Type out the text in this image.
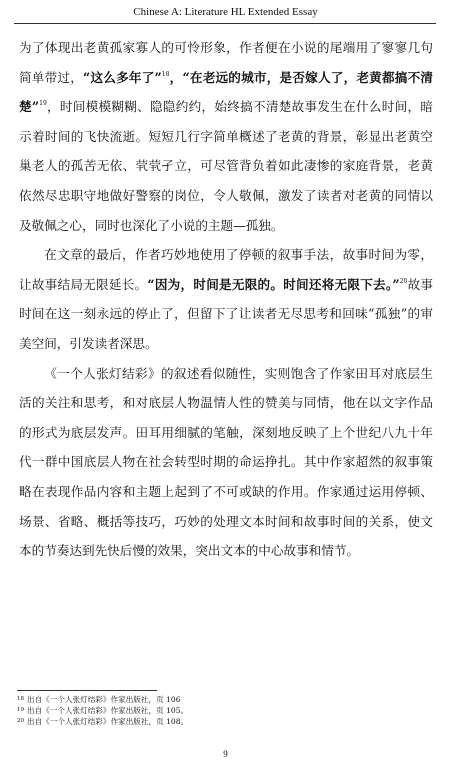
Chinese A: Literature HL Extended Essay

为了体现出老黄孤家寡人的可怜形象，作者便在小说的尾端用了寥寥几句简单带过，“这么多年了”$^{18}$，“在老远的城市，是否嫁人了，老黄都搞不清楚”$^{19}$，时间模模糊糊、隐隐约约，始终搞不清楚故事发生在什么时间，暗示着时间的飞快流逝。短短几行字简单概述了老黄的背景，彰显出老黄空巢老人的孤苦无依、茕茕孑立，可尽管背负着如此凄惨的家庭背景，老黄依然尽忠职守地做好警察的岗位，令人敬佩，激发了读者对老黄的同情以及敬佩之心，同时也深化了小说的主题—孤独。

在文章的最后，作者巧妙地使用了停顿的叙事手法，故事时间为零，让故事结局无限延长。“因为，时间是无限的。时间还将无限下去。”$^{20}$故事时间在这一刻永远的停止了，但留下了让读者无尽思考和回味“孤独”的审美空间，引发读者深思。

《一个人张灯结彩》的叙述看似随性，实则饱含了作家田耳对底层生活的关注和思考，和对底层人物温情人性的赞美与同情，他在以文字作品的形式为底层发声。田耳用细腻的笔触，深刻地反映了上个世纪八九十年代一群中国底层人物在社会转型时期的命运挣扎。其中作家超然的叙事策略在表现作品内容和主题上起到了不可或缺的作用。作家通过运用停顿、场景、省略、概括等技巧，巧妙的处理文本时间和故事时间的关系，使文本的节奏达到先快后慢的效果，突出文本的中心故事和情节。

$^{18}$ 出自《一个人张灯结彩》作家出版社，页 106
$^{19}$ 出自《一个人张灯结彩》作家出版社，页 105。
$^{20}$ 出自《一个人张灯结彩》作家出版社，页 108。
9
